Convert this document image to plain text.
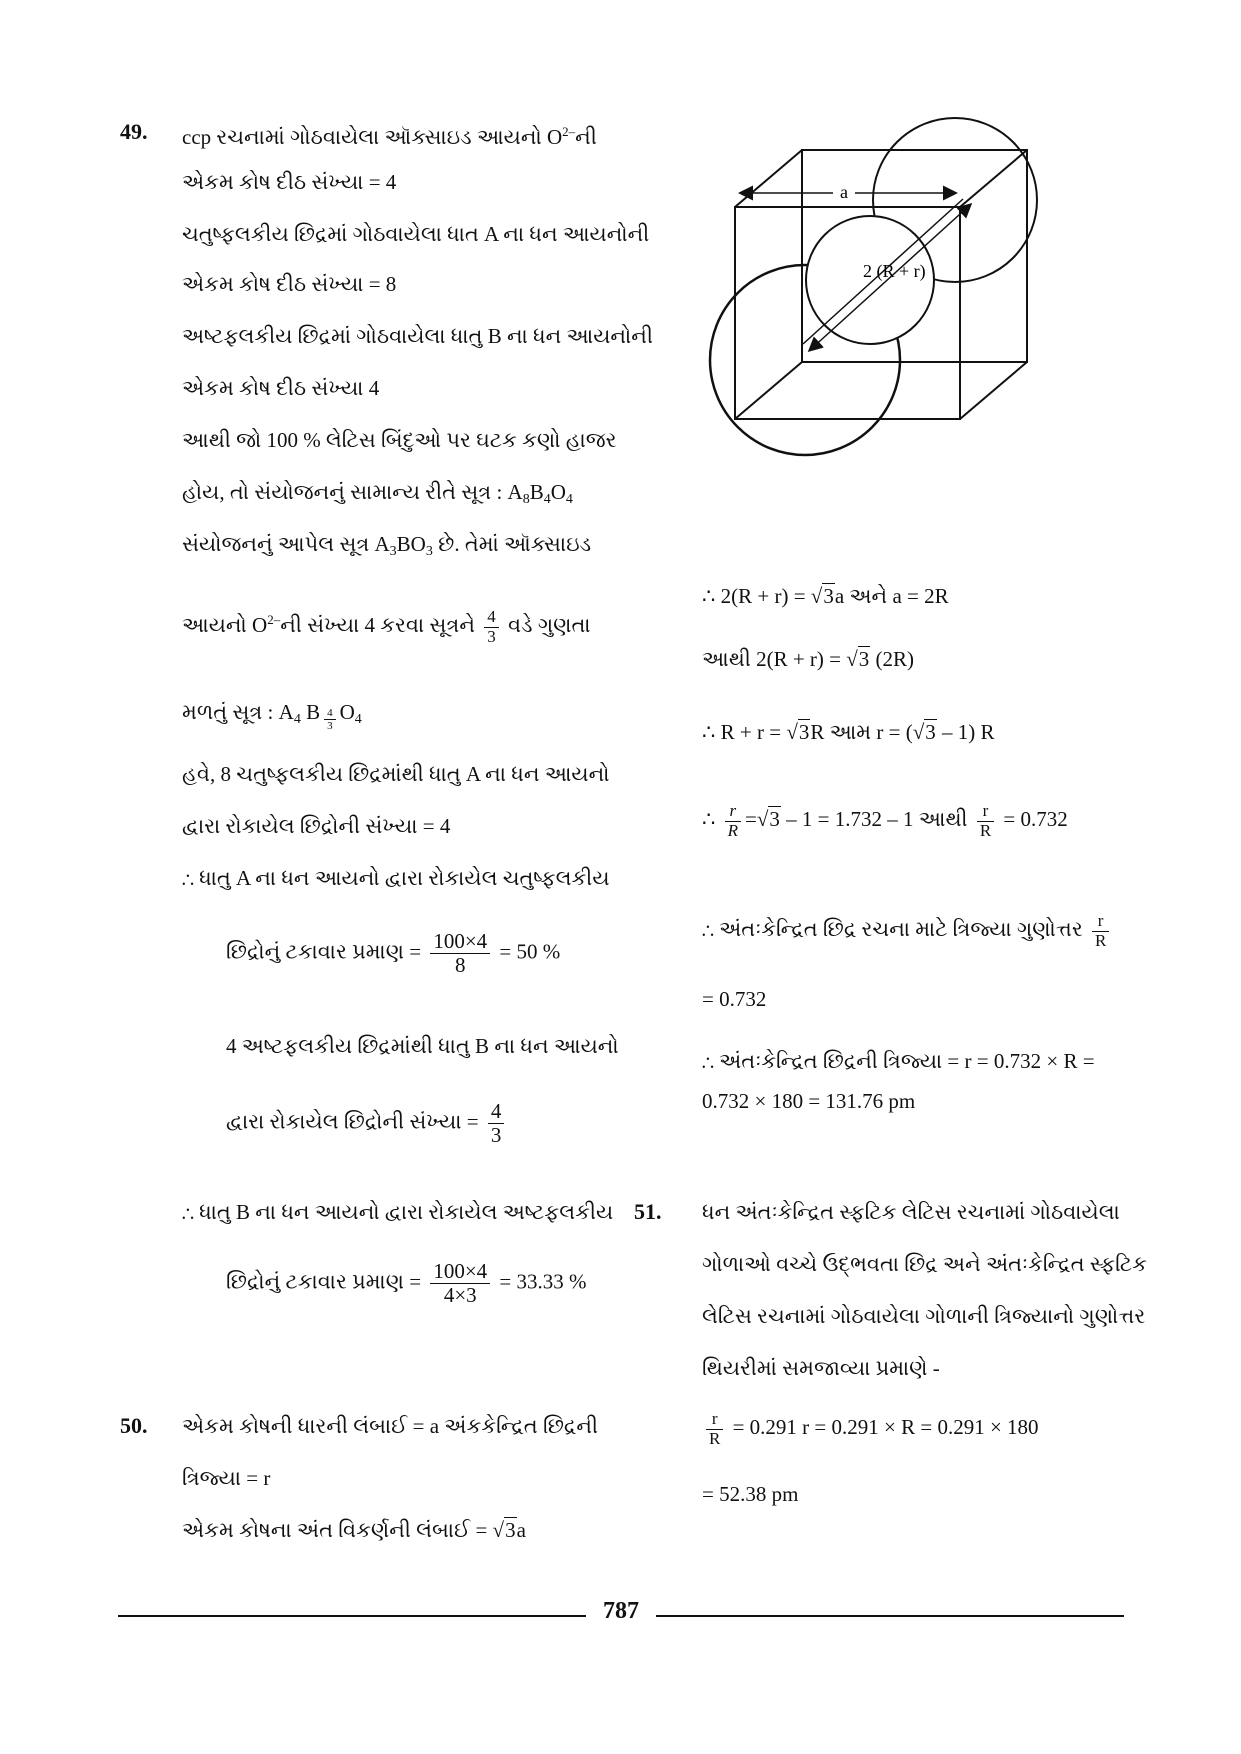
49. ccp રચનામાં ગોઠવાયેલા ઑક્સાઇડ આયનો $O^{2-}ની$
એકમ કોષ દીઠ સંખ્યા = 4
ચતુષ્ફલકીય છિદ્રમાં ગોઠવાયેલા ધાત A ના ધન આયનોની
એકમ કોષ દીઠ સંખ્યા = 8
અષ્ટફલકીય છિદ્રમાં ગોઠવાયેલા ધાતુ B ના ધન આયનોની
એકમ કોષ દીઠ સંખ્યા 4
આથી જો 100 % લેટિસ બિંદુઓ પર ઘટક કણો હાજર
હોય, તો સંયોજનનું સામાન્ય રીતે સૂત્ર : $A_8B_4O_4$
સંયોજનનું આપેલ સૂત્ર $A_3BO_3$ છે. તેમાં ઑક્સાઇડ
આયનો $O^{2-}ની$ સંખ્યા 4 કરવા સૂત્રને $\frac{4}{3}$ વડે ગુણતા
મળતું સૂત્ર : $A_4$ B $\frac{4}{3} O_4$
હવે, 8 ચતુષ્ફલકીય છિદ્રમાંથી ધાતુ A ના ધન આયનો
દ્વારા રોકાયેલ છિદ્રોની સંખ્યા = 4
∴ ધાતુ A ના ધન આયનો દ્વારા રોકાયેલ ચતુષ્ફલકીય
છિદ્રોનું ટકાવાર પ્રમાણ = $\frac{100\times 4}{8} = 50$ %
4 અષ્ટફલકીય છિદ્રમાંથી ધાતુ B ના ધન આયનો
દ્વારા રોકાયેલ છિદ્રોની સંખ્યા = $\frac{4}{3}$
∴ ધાતુ B ના ધન આયનો દ્વારા રોકાયેલ અષ્ટફલકીય
છિદ્રોનું ટકાવાર પ્રમાણ = $\frac{100\times 4}{4\times 3} = 33.33$ %
50. એકમ કોષની ધારની લંબાઈ = a અંકકેન્દ્રિત છિદ્રની
ત્રિજ્યા = r
એકમ કોષના અંત વિકર્ણની લંબાઈ = √3a
a
2 (R + r)
∴ 2(R + r) = √3a અને a = 2R
આથી 2(R + r) = √3 (2R)
∴ R + r = √3R આમ r = (√3 – 1) R
∴ $\frac{r}{R} =√3 - 1 = 1.732 - 1$ આથી $\frac{r}{R} = 0.732$
∴ અંતઃકેન્દ્રિત છિદ્ર રચના માટે ત્રિજ્યા ગુણોત્તર $\frac{r}{R}$
= 0.732
∴ અંતઃકેન્દ્રિત છિદ્રની ત્રિજ્યા = r = 0.732 × R =
0.732 × 180 = 131.76 pm
51. ધન અંતઃકેન્દ્રિત સ્ફટિક લેટિસ રચનામાં ગોઠવાયેલા
ગોળાઓ વચ્ચે ઉદ્‌ભવતા છિદ્ર અને અંતઃકેન્દ્રિત સ્ફટિક
લેટિસ રચનામાં ગોઠવાયેલા ગોળાની ત્રિજ્યાનો ગુણોત્તર
થિયરીમાં સમજાવ્યા પ્રમાણે -
$\frac{r}{R} = 0.291$ r = 0.291 × R = 0.291 × 180
= 52.38 pm
787
